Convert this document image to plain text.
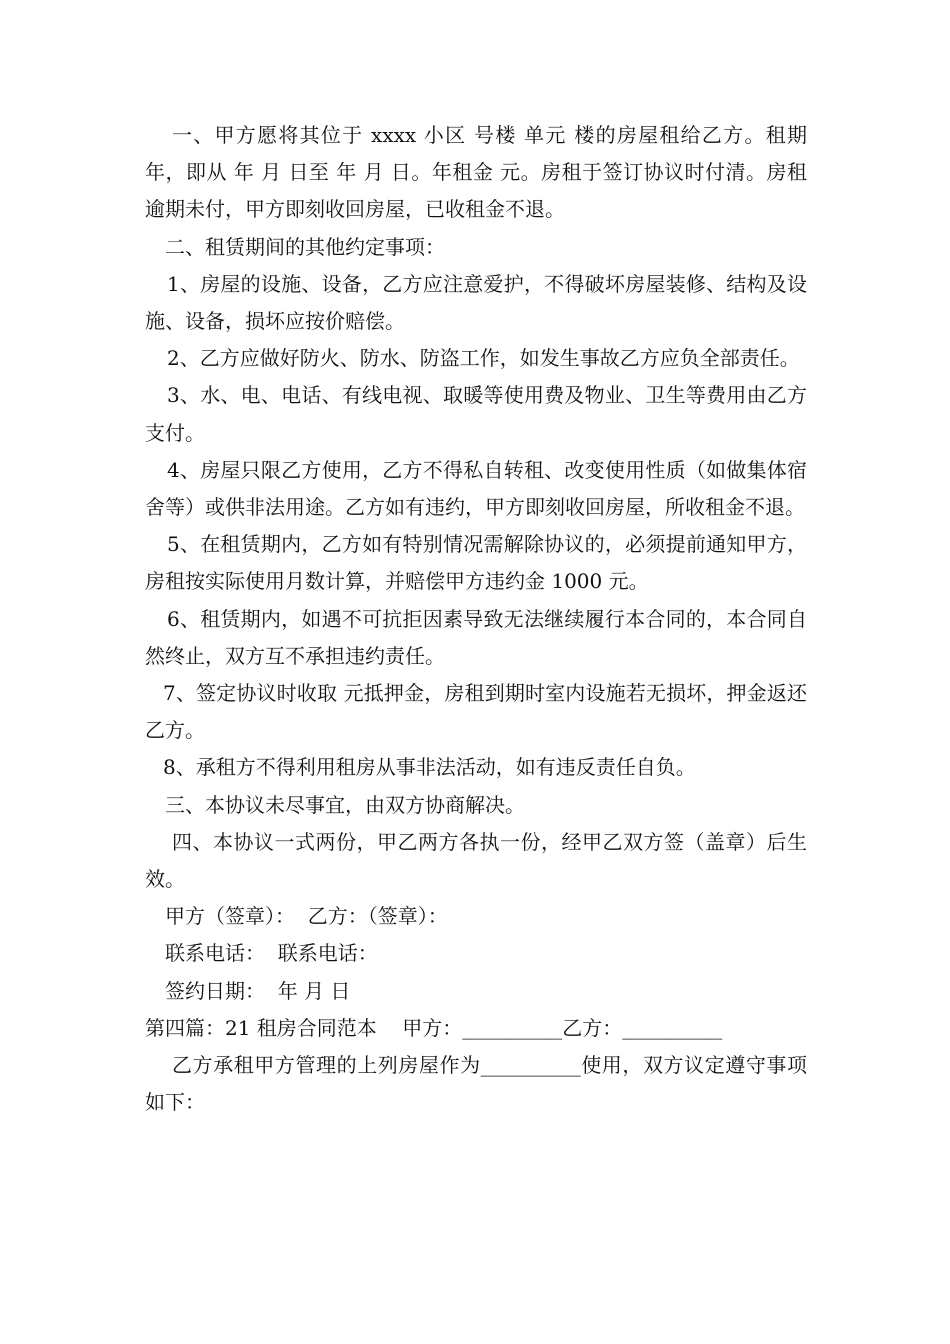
一、甲方愿将其位于 xxxx 小区 号楼 单元 楼的房屋租给乙方。租期 年，即从 年 月 日至 年 月 日。年租金 元。房租于签订协议时付清。房租逾期未付，甲方即刻收回房屋，已收租金不退。

二、租赁期间的其他约定事项：

1、房屋的设施、设备，乙方应注意爱护，不得破坏房屋装修、结构及设施、设备，损坏应按价赔偿。

2、乙方应做好防火、防水、防盗工作，如发生事故乙方应负全部责任。

3、水、电、电话、有线电视、取暖等使用费及物业、卫生等费用由乙方支付。

4、房屋只限乙方使用，乙方不得私自转租、改变使用性质（如做集体宿舍等）或供非法用途。乙方如有违约，甲方即刻收回房屋，所收租金不退。

5、在租赁期内，乙方如有特别情况需解除协议的，必须提前通知甲方，房租按实际使用月数计算，并赔偿甲方违约金 1000 元。

6、租赁期内，如遇不可抗拒因素导致无法继续履行本合同的，本合同自然终止，双方互不承担违约责任。

7、签定协议时收取 元抵押金，房租到期时室内设施若无损坏，押金返还乙方。

8、承租方不得利用租房从事非法活动，如有违反责任自负。

三、本协议未尽事宜，由双方协商解决。

四、本协议一式两份，甲乙两方各执一份，经甲乙双方签（盖章）后生效。

甲方（签章）：  乙方：（签章）：

联系电话：  联系电话：

签约日期：  年 月 日

第四篇：21 租房合同范本    甲方：__________乙方：__________

乙方承租甲方管理的上列房屋作为__________使用，双方议定遵守事项如下：
